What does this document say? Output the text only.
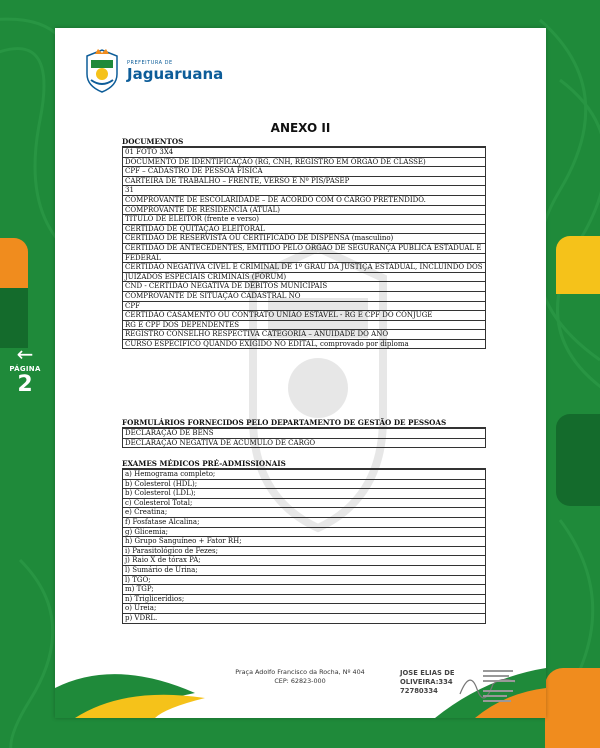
←
PÁGINA
2
PREFEITURA DE
Jaguaruana
ANEXO II
DOCUMENTOS
01 FOTO 3X4
DOCUMENTO DE IDENTIFICAÇÃO (RG, CNH, REGISTRO EM ÓRGÃO DE CLASSE)
CPF – CADASTRO DE PESSOA FÍSICA
CARTEIRA DE TRABALHO – FRENTE, VERSO E Nº PIS/PASEP
31
COMPROVANTE DE ESCOLARIDADE – DE ACORDO COM O CARGO PRETENDIDO.
COMPROVANTE DE RESIDÊNCIA (ATUAL)
TÍTULO DE ELEITOR (frente e verso)
CERTIDÃO DE QUITAÇÃO ELEITORAL
CERTIDÃO DE RESERVISTA OU CERTIFICADO DE DISPENSA (masculino)
CERTIDÃO DE ANTECEDENTES, EMITIDO PELO ÓRGÃO DE SEGURANÇA PÚBLICA ESTADUAL E
FEDERAL
CERTIDÃO NEGATIVA CÍVEL E CRIMINAL DE 1º GRAU DA JUSTIÇA ESTADUAL, INCLUINDO DOS
JUIZADOS ESPECIAIS CRIMINAIS (FÓRUM)
CND - CERTIDÃO NEGATIVA DE DÉBITOS MUNICIPAIS
COMPROVANTE DE SITUAÇÃO CADASTRAL NO
CPF
CERTIDÃO CASAMENTO OU CONTRATO UNIÃO ESTÁVEL - RG E CPF DO CÔNJUGE
RG E CPF DOS DEPENDENTES
REGISTRO CONSELHO RESPECTIVA CATEGORIA – ANUIDADE DO ANO
CURSO ESPECÍFICO QUANDO EXIGIDO NO EDITAL, comprovado por diploma
FORMULÁRIOS FORNECIDOS PELO DEPARTAMENTO DE GESTÃO DE PESSOAS
DECLARAÇÃO DE BENS
DECLARAÇÃO NEGATIVA DE ACÚMULO DE CARGO
EXAMES MÉDICOS PRÉ-ADMISSIONAIS
a) Hemograma completo;
b) Colesterol (HDL);
b) Colesterol (LDL);
c) Colesterol Total;
e) Creatina;
f) Fosfatase Alcalina;
g) Glicemia;
h) Grupo Sanguíneo + Fator RH;
i) Parasitológico de Fezes;
j) Raio X de tórax PA;
l) Sumário de Urina;
l) TGO;
m) TGP;
n) Triglicerídios;
o) Ureia;
p) VDRL.
Praça Adolfo Francisco da Rocha, Nº 404
CEP: 62823-000
JOSE ELIAS DE
OLIVEIRA:334
72780334
